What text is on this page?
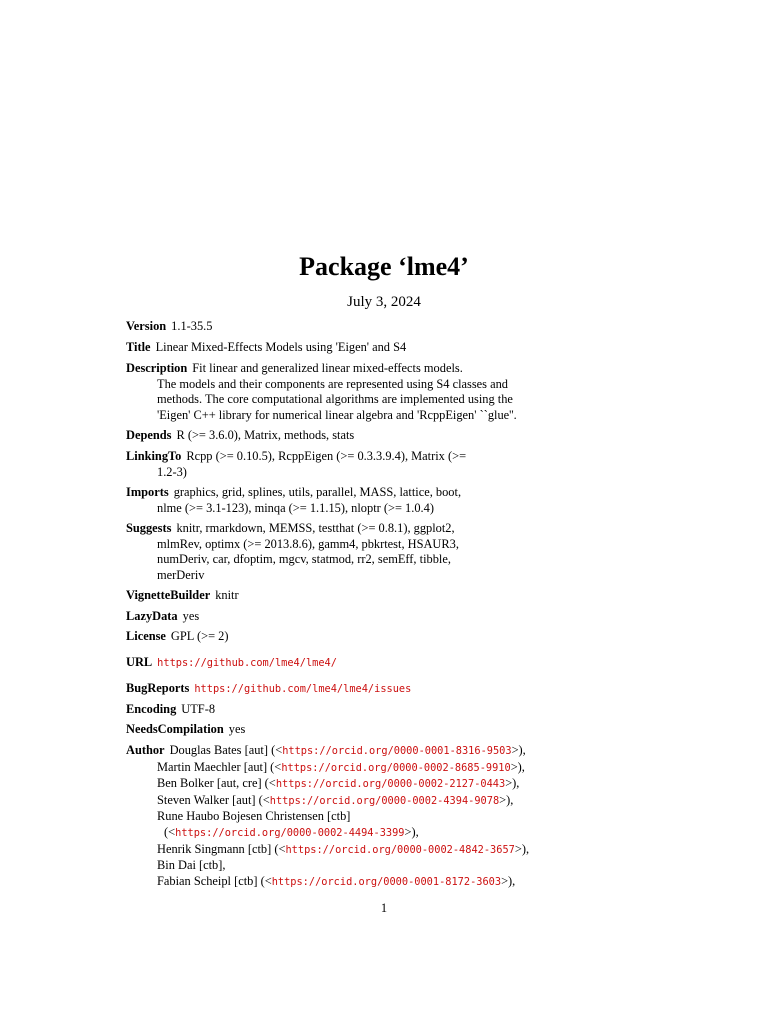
Package ‘lme4’
July 3, 2024
Version 1.1-35.5
Title Linear Mixed-Effects Models using 'Eigen' and S4
Description Fit linear and generalized linear mixed-effects models.
The models and their components are represented using S4 classes and
methods. The core computational algorithms are implemented using the
'Eigen' C++ library for numerical linear algebra and 'RcppEigen' ``glue''.
Depends R (>= 3.6.0), Matrix, methods, stats
LinkingTo Rcpp (>= 0.10.5), RcppEigen (>= 0.3.3.9.4), Matrix (>=
1.2-3)
Imports graphics, grid, splines, utils, parallel, MASS, lattice, boot,
nlme (>= 3.1-123), minqa (>= 1.1.15), nloptr (>= 1.0.4)
Suggests knitr, rmarkdown, MEMSS, testthat (>= 0.8.1), ggplot2,
mlmRev, optimx (>= 2013.8.6), gamm4, pbkrtest, HSAUR3,
numDeriv, car, dfoptim, mgcv, statmod, rr2, semEff, tibble,
merDeriv
VignetteBuilder knitr
LazyData yes
License GPL (>= 2)
URL https://github.com/lme4/lme4/
BugReports https://github.com/lme4/lme4/issues
Encoding UTF-8
NeedsCompilation yes
Author Douglas Bates [aut] (<https://orcid.org/0000-0001-8316-9503>),
Martin Maechler [aut] (<https://orcid.org/0000-0002-8685-9910>),
Ben Bolker [aut, cre] (<https://orcid.org/0000-0002-2127-0443>),
Steven Walker [aut] (<https://orcid.org/0000-0002-4394-9078>),
Rune Haubo Bojesen Christensen [ctb]
(<https://orcid.org/0000-0002-4494-3399>),
Henrik Singmann [ctb] (<https://orcid.org/0000-0002-4842-3657>),
Bin Dai [ctb],
Fabian Scheipl [ctb] (<https://orcid.org/0000-0001-8172-3603>),
1
